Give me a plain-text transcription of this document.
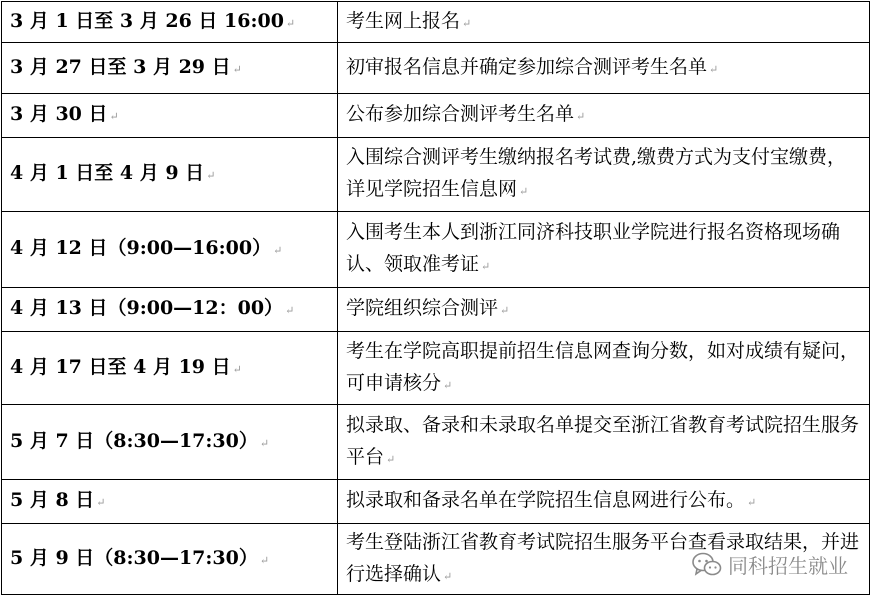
3 月 1 日至 3 月 26 日 16:00 ↵	考生网上报名 ↵
3 月 27 日至 3 月 29 日 ↵	初审报名信息并确定参加综合测评考生名单 ↵
3 月 30 日 ↵	公布参加综合测评考生名单 ↵
4 月 1 日至 4 月 9 日 ↵	入围综合测评考生缴纳报名考试费,缴费方式为支付宝缴费，详见学院招生信息网 ↵
4 月 12 日（9:00—16:00） ↵	入围考生本人到浙江同济科技职业学院进行报名资格现场确认、领取准考证 ↵
4 月 13 日（9:00—12：00） ↵	学院组织综合测评 ↵
4 月 17 日至 4 月 19 日 ↵	考生在学院高职提前招生信息网查询分数，如对成绩有疑问，可申请核分 ↵
5 月 7 日（8:30—17:30） ↵	拟录取、备录和未录取名单提交至浙江省教育考试院招生服务平台 ↵
5 月 8 日 ↵	拟录取和备录名单在学院招生信息网进行公布。 ↵
5 月 9 日（8:30—17:30） ↵	考生登陆浙江省教育考试院招生服务平台查看录取结果，并进行选择确认 ↵	同科招生就业
